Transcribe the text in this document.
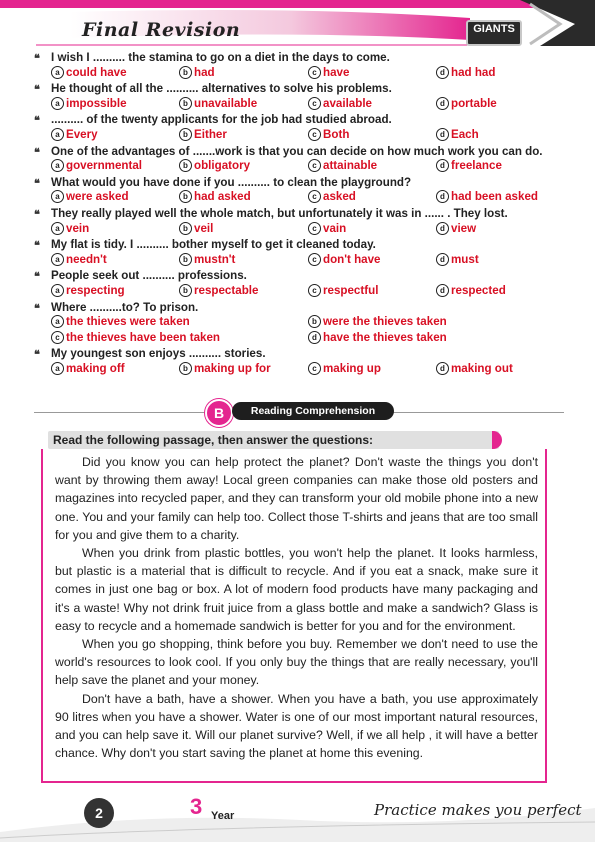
Final Revision	GIANTS
❝ I wish I .......... the stamina to go on a diet in the days to come.
a could have	b had	c have	d had had
❝ He thought of all the .......... alternatives to solve his problems.
a impossible	b unavailable	c available	d portable
❝ .......... of the twenty applicants for the job had studied abroad.
a Every	b Either	c Both	d Each
❝ One of the advantages of .......work is that you can decide on how much work you can do.
a governmental	b obligatory	c attainable	d freelance
❝ What would you have done if you .......... to clean the playground?
a were asked	b had asked	c asked	d had been asked
❝ They really played well the whole match, but unfortunately it was in ...... . They lost.
a vein	b veil	c vain	d view
❝ My flat is tidy. I .......... bother myself to get it cleaned today.
a needn't	b mustn't	c don't have	d must
❝ People seek out .......... professions.
a respecting	b respectable	c respectful	d respected
❝ Where ..........to? To prison.
a the thieves were taken	b were the thieves taken
c the thieves have been taken	d have the thieves taken
❝ My youngest son enjoys .......... stories.
a making off	b making up for	c making up	d making out
B	Reading Comprehension
Read the following passage, then answer the questions:

Did you know you can help protect the planet? Don't waste the things you don't want by throwing them away! Local green companies can make those old posters and magazines into recycled paper, and they can transform your old mobile phone into a new one. You and your family can help too. Collect those T-shirts and jeans that are too small for you and give them to a charity.

When you drink from plastic bottles, you won't help the planet. It looks harmless, but plastic is a material that is difficult to recycle. And if you eat a snack, make sure it comes in just one bag or box. A lot of modern food products have many packaging and it's a waste! Why not drink fruit juice from a glass bottle and make a sandwich? Glass is easy to recycle and a homemade sandwich is better for you and for the environment.

When you go shopping, think before you buy. Remember we don't need to use the world's resources to look cool. If you only buy the things that are really necessary, you'll help save the planet and your money.

Don't have a bath, have a shower. When you have a bath, you use approximately 90 litres when you have a shower. Water is one of our most important natural resources, and you can help save it. Will our planet survive? Well, if we all help , it will have a better chance. Why don't you start saving the planet at home this evening.

2	3 Year	Practice makes you perfect
